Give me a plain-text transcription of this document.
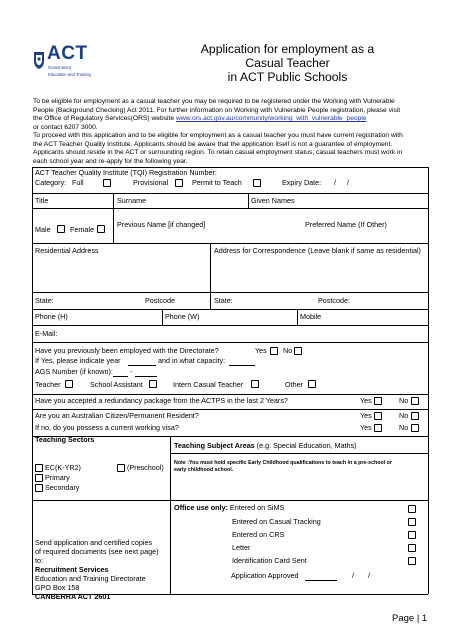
ACT
Government
Education and Training
Application for employment as a
Casual Teacher
in ACT Public Schools
To be eligible for employment as a casual teacher you may be required to be registered under the Working with Vulnerable
People (Background Checking) Act 2011. For further information on Working with Vulnerable People registration, please visit
the Office of Regulatory Services(ORS) website www.ors.act.gov.au/community/working_with_vulnerable_people
or contact 6207 3000.
To proceed with this application and to be eligible for employment as a casual teacher you must have current registration with
the ACT Teacher Quality Institute. Applicants should be aware that the application itself is not a guarantee of employment.
Applicants should reside in the ACT or surrounding region. To retain casual employment status, casual teachers must work in
each school year and re-apply for the following year.
ACT Teacher Quality Institute (TQI) Registration Number:
Category: Full	Provisional	Permit to Teach	Expiry Date: / /
Title	Surname	Given Names
Male	Female
Previous Name [if changed]	Preferred Name (If Other)
Residential Address	Address for Correspondence (Leave blank if same as residential)
State:	Postcode	State:	Postcode:
Phone (H)	Phone (W)	Mobile
E-Mail:
Have you previously been employed with the Directorate?	Yes No
If Yes, please indicate year	and in what capacity:
AGS Number (if known): -
Teacher	School Assistant	Intern Casual Teacher	Other
Have you accepted a redundancy package from the ACTPS in the last 2 Years?	Yes	No
Are you an Australian Citizen/Permanent Resident?	Yes	No
If no, do you possess a current working visa?	Yes	No
Teaching Sectors
Teaching Subject Areas (e.g. Special Education, Maths)
EC(K-YR2)	(Preschool)
Primary
Secondary
Note :You must hold specific Early Childhood qualifications to teach in a pre-school or
early childhood school.
Send application and certified copies
of required documents (see next page)
to:
Recruitment Services
Education and Training Directorate
GPO Box 158
CANBERRA ACT 2601
Office use only: Entered on SiMS
Entered on Casual Tracking
Entered on CRS
Letter
Identification Card Sent
Application Approved	/ /
Page | 1
